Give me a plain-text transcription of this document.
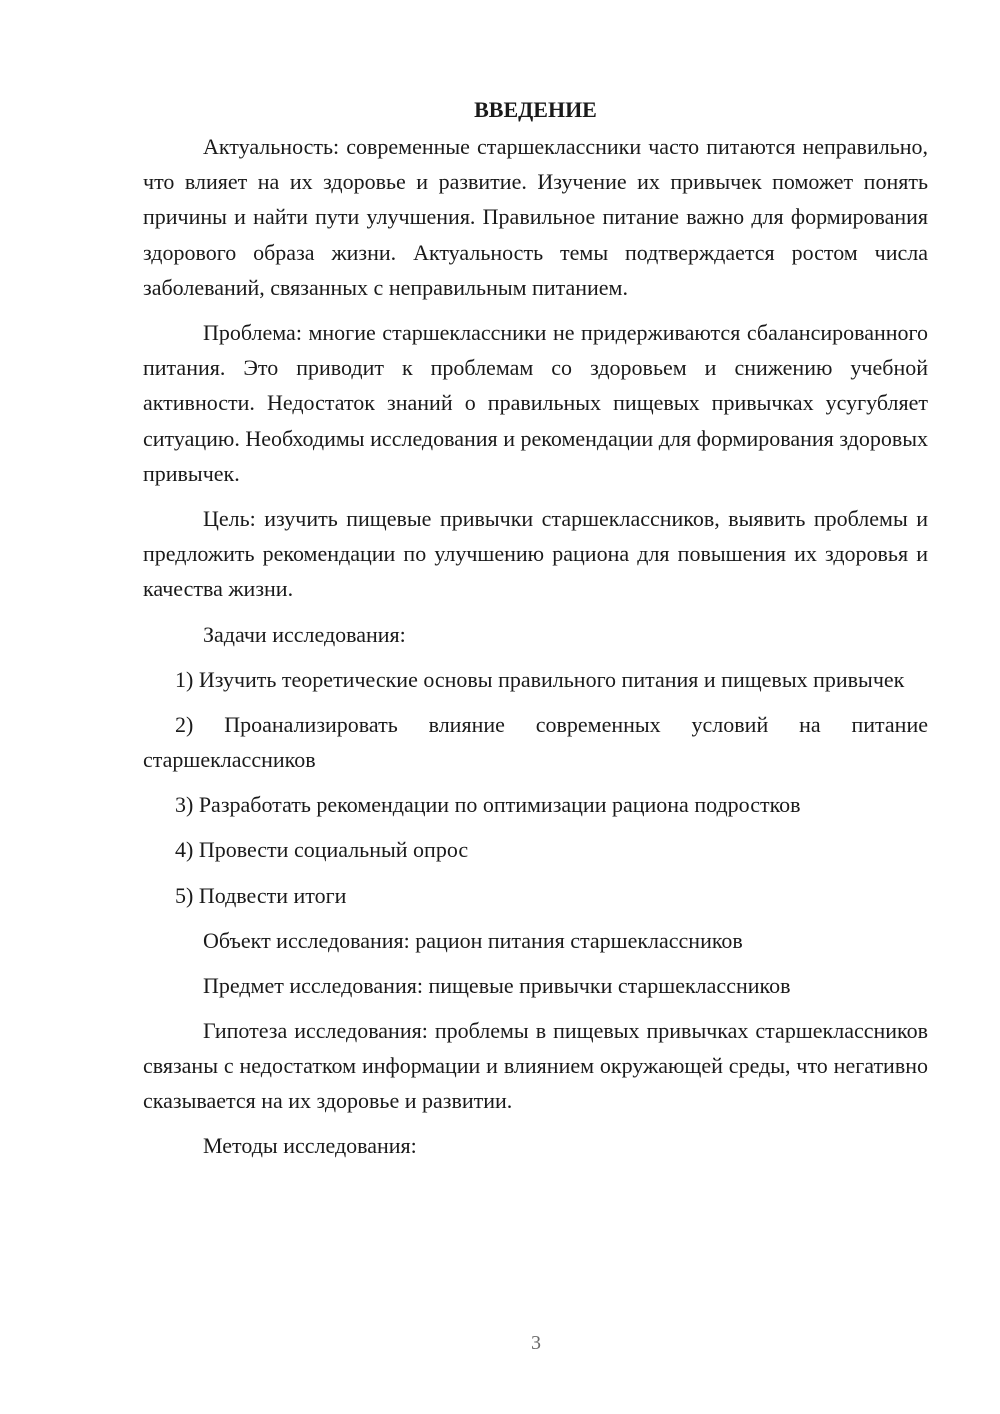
ВВЕДЕНИЕ

Актуальность: современные старшеклассники часто питаются неправильно, что влияет на их здоровье и развитие. Изучение их привычек поможет понять причины и найти пути улучшения. Правильное питание важно для формирования здорового образа жизни. Актуальность темы подтверждается ростом числа заболеваний, связанных с неправильным питанием.

Проблема: многие старшеклассники не придерживаются сбалансированного питания. Это приводит к проблемам со здоровьем и снижению учебной активности. Недостаток знаний о правильных пищевых привычках усугубляет ситуацию. Необходимы исследования и рекомендации для формирования здоровых привычек.

Цель: изучить пищевые привычки старшеклассников, выявить проблемы и предложить рекомендации по улучшению рациона для повышения их здоровья и качества жизни.

Задачи исследования:

1) Изучить теоретические основы правильного питания и пищевых привычек

2) Проанализировать влияние современных условий на питание старшеклассников

3) Разработать рекомендации по оптимизации рациона подростков

4) Провести социальный опрос

5) Подвести итоги

Объект исследования: рацион питания старшеклассников
Предмет исследования: пищевые привычки старшеклассников

Гипотеза исследования: проблемы в пищевых привычках старшеклассников связаны с недостатком информации и влиянием окружающей среды, что негативно сказывается на их здоровье и развитии.

Методы исследования:
3
